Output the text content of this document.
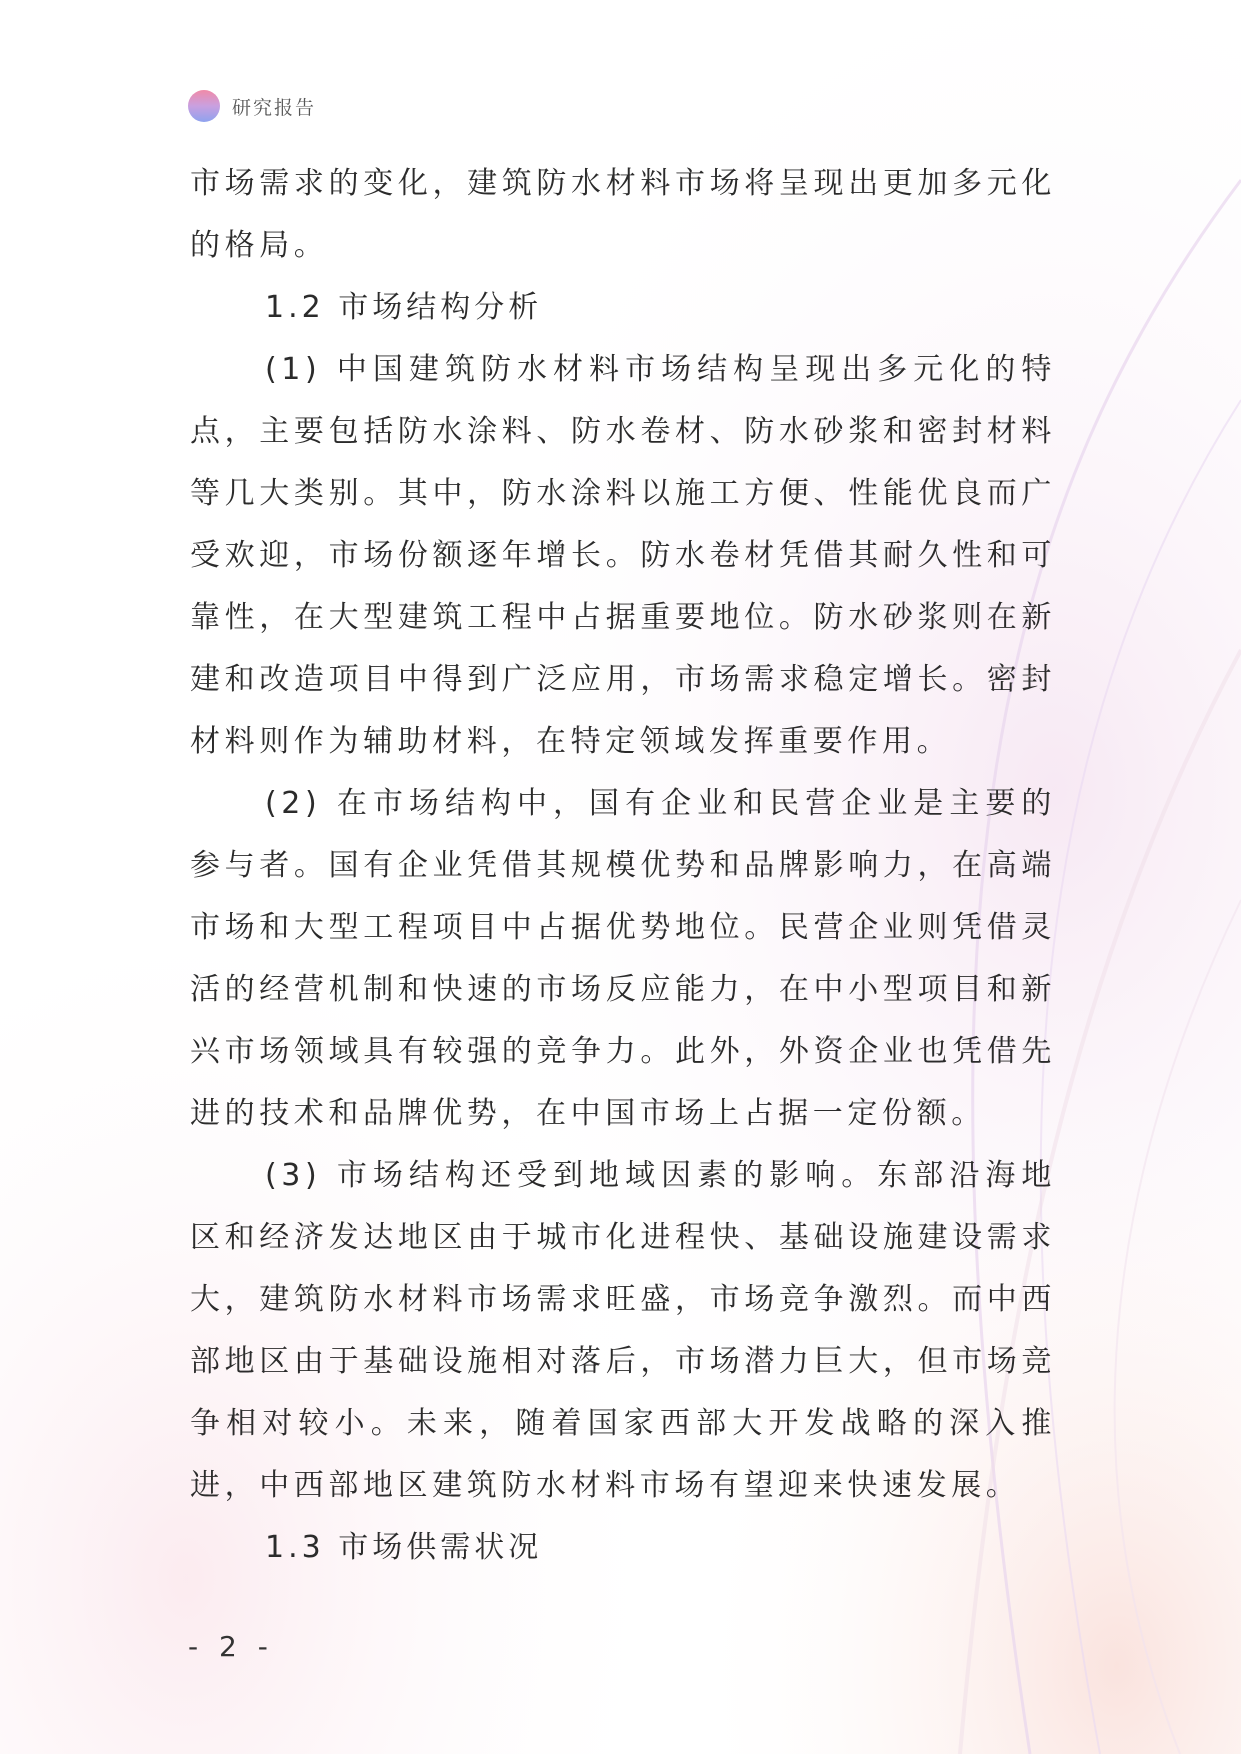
研究报告

市场需求的变化，建筑防水材料市场将呈现出更加多元化的格局。

1.2 市场结构分析

(1) 中国建筑防水材料市场结构呈现出多元化的特点，主要包括防水涂料、防水卷材、防水砂浆和密封材料等几大类别。其中，防水涂料以施工方便、性能优良而广受欢迎，市场份额逐年增长。防水卷材凭借其耐久性和可靠性，在大型建筑工程中占据重要地位。防水砂浆则在新建和改造项目中得到广泛应用，市场需求稳定增长。密封材料则作为辅助材料，在特定领域发挥重要作用。

(2) 在市场结构中，国有企业和民营企业是主要的参与者。国有企业凭借其规模优势和品牌影响力，在高端市场和大型工程项目中占据优势地位。民营企业则凭借灵活的经营机制和快速的市场反应能力，在中小型项目和新兴市场领域具有较强的竞争力。此外，外资企业也凭借先进的技术和品牌优势，在中国市场上占据一定份额。

(3) 市场结构还受到地域因素的影响。东部沿海地区和经济发达地区由于城市化进程快、基础设施建设需求大，建筑防水材料市场需求旺盛，市场竞争激烈。而中西部地区由于基础设施相对落后，市场潜力巨大，但市场竞争相对较小。未来，随着国家西部大开发战略的深入推进，中西部地区建筑防水材料市场有望迎来快速发展。

1.3 市场供需状况
- 2 -
